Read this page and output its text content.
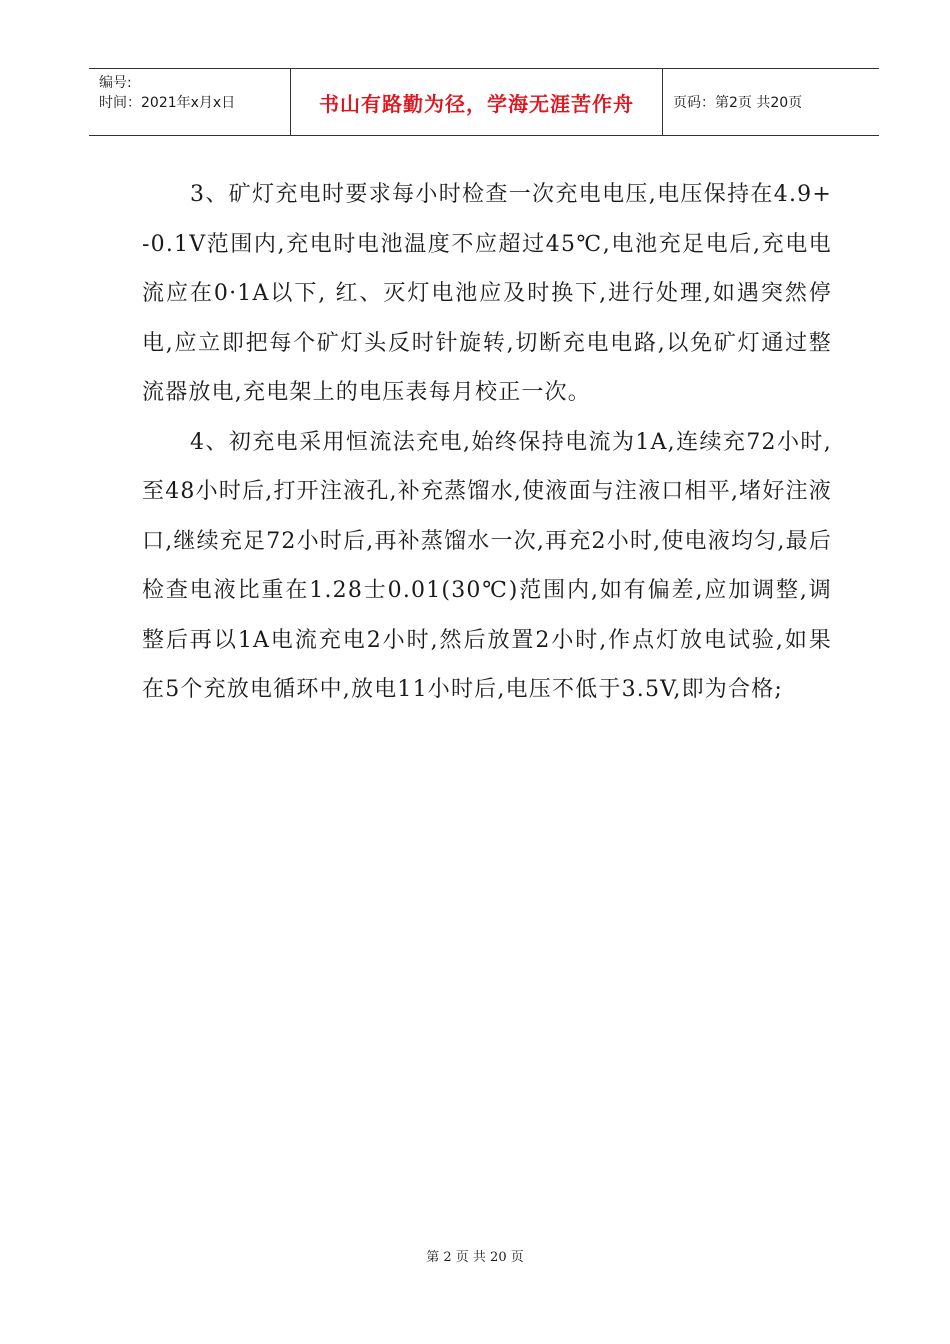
编号:
时间：2021年x月x日	书山有路勤为径，学海无涯苦作舟	页码：第2页 共20页

3、矿灯充电时要求每小时检查一次充电电压,电压保持在4.9+ -0.1V范围内,充电时电池温度不应超过45℃,电池充足电后,充电电流应在0·1A以下, 红、灭灯电池应及时换下,进行处理,如遇突然停电,应立即把每个矿灯头反时针旋转,切断充电电路,以免矿灯通过整流器放电,充电架上的电压表每月校正一次。

4、初充电采用恒流法充电,始终保持电流为1A,连续充72小时,至48小时后,打开注液孔,补充蒸馏水,使液面与注液口相平,堵好注液口,继续充足72小时后,再补蒸馏水一次,再充2小时,使电液均匀,最后检查电液比重在1.28士0.01(30℃)范围内,如有偏差,应加调整,调整后再以1A电流充电2小时,然后放置2小时,作点灯放电试验,如果在5个充放电循环中,放电11小时后,电压不低于3.5V,即为合格;

第 2 页 共 20 页
